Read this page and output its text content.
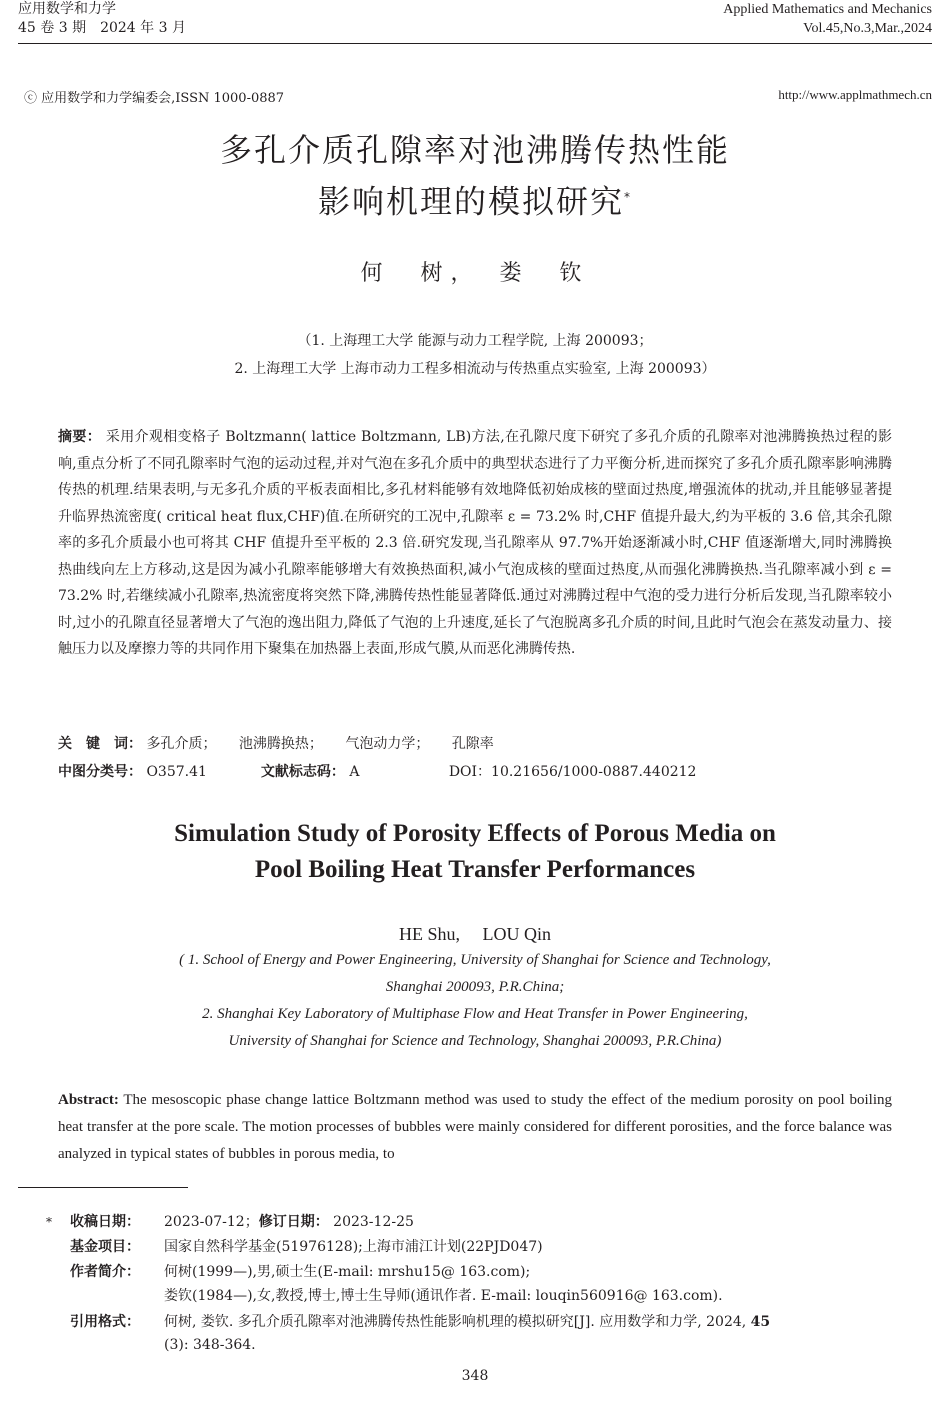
应用数学和力学
45 卷 3 期　2024 年 3 月
Applied Mathematics and Mechanics
Vol.45,No.3,Mar.,2024
ⓒ 应用数学和力学编委会,ISSN 1000-0887	http://www.applmathmech.cn
多孔介质孔隙率对池沸腾传热性能
影响机理的模拟研究*
何　树，　娄　钦
（1. 上海理工大学 能源与动力工程学院, 上海 200093；
2. 上海理工大学 上海市动力工程多相流动与传热重点实验室, 上海 200093）
摘要： 采用介观相变格子 Boltzmann( lattice Boltzmann, LB)方法,在孔隙尺度下研究了多孔介质的孔隙率对池沸腾换热过程的影响,重点分析了不同孔隙率时气泡的运动过程,并对气泡在多孔介质中的典型状态进行了力平衡分析,进而探究了多孔介质孔隙率影响沸腾传热的机理.结果表明,与无多孔介质的平板表面相比,多孔材料能够有效地降低初始成核的壁面过热度,增强流体的扰动,并且能够显著提升临界热流密度( critical heat flux,CHF)值.在所研究的工况中,孔隙率 ε = 73.2% 时,CHF 值提升最大,约为平板的 3.6 倍,其余孔隙率的多孔介质最小也可将其 CHF 值提升至平板的 2.3 倍.研究发现,当孔隙率从 97.7%开始逐渐减小时,CHF 值逐渐增大,同时沸腾换热曲线向左上方移动,这是因为减小孔隙率能够增大有效换热面积,减小气泡成核的壁面过热度,从而强化沸腾换热.当孔隙率减小到 ε = 73.2% 时,若继续减小孔隙率,热流密度将突然下降,沸腾传热性能显著降低.通过对沸腾过程中气泡的受力进行分析后发现,当孔隙率较小时,过小的孔隙直径显著增大了气泡的逸出阻力,降低了气泡的上升速度,延长了气泡脱离多孔介质的时间,且此时气泡会在蒸发动量力、接触压力以及摩擦力等的共同作用下聚集在加热器上表面,形成气膜,从而恶化沸腾传热.
关　键　词： 多孔介质； 池沸腾换热； 气泡动力学； 孔隙率
中图分类号： O357.41	文献标志码： A	DOI：10.21656/1000-0887.440212
Simulation Study of Porosity Effects of Porous Media on
Pool Boiling Heat Transfer Performances
HE Shu,　 LOU Qin
( 1. School of Energy and Power Engineering, University of Shanghai for Science and Technology,
Shanghai 200093, P.R.China;
2. Shanghai Key Laboratory of Multiphase Flow and Heat Transfer in Power Engineering,
University of Shanghai for Science and Technology, Shanghai 200093, P.R.China)
Abstract: The mesoscopic phase change lattice Boltzmann method was used to study the effect of the medium porosity on pool boiling heat transfer at the pore scale. The motion processes of bubbles were mainly considered for different porosities, and the force balance was analyzed in typical states of bubbles in porous media, to
* 收稿日期：	2023-07-12；修订日期： 2023-12-25
基金项目：	国家自然科学基金(51976128);上海市浦江计划(22PJD047)
作者简介：	何树(1999—),男,硕士生(E-mail: mrshu15@ 163.com);
娄钦(1984—),女,教授,博士,博士生导师(通讯作者. E-mail: louqin560916@ 163.com).
引用格式：	何树, 娄钦. 多孔介质孔隙率对池沸腾传热性能影响机理的模拟研究[J]. 应用数学和力学, 2024, 45
(3): 348-364.
348
